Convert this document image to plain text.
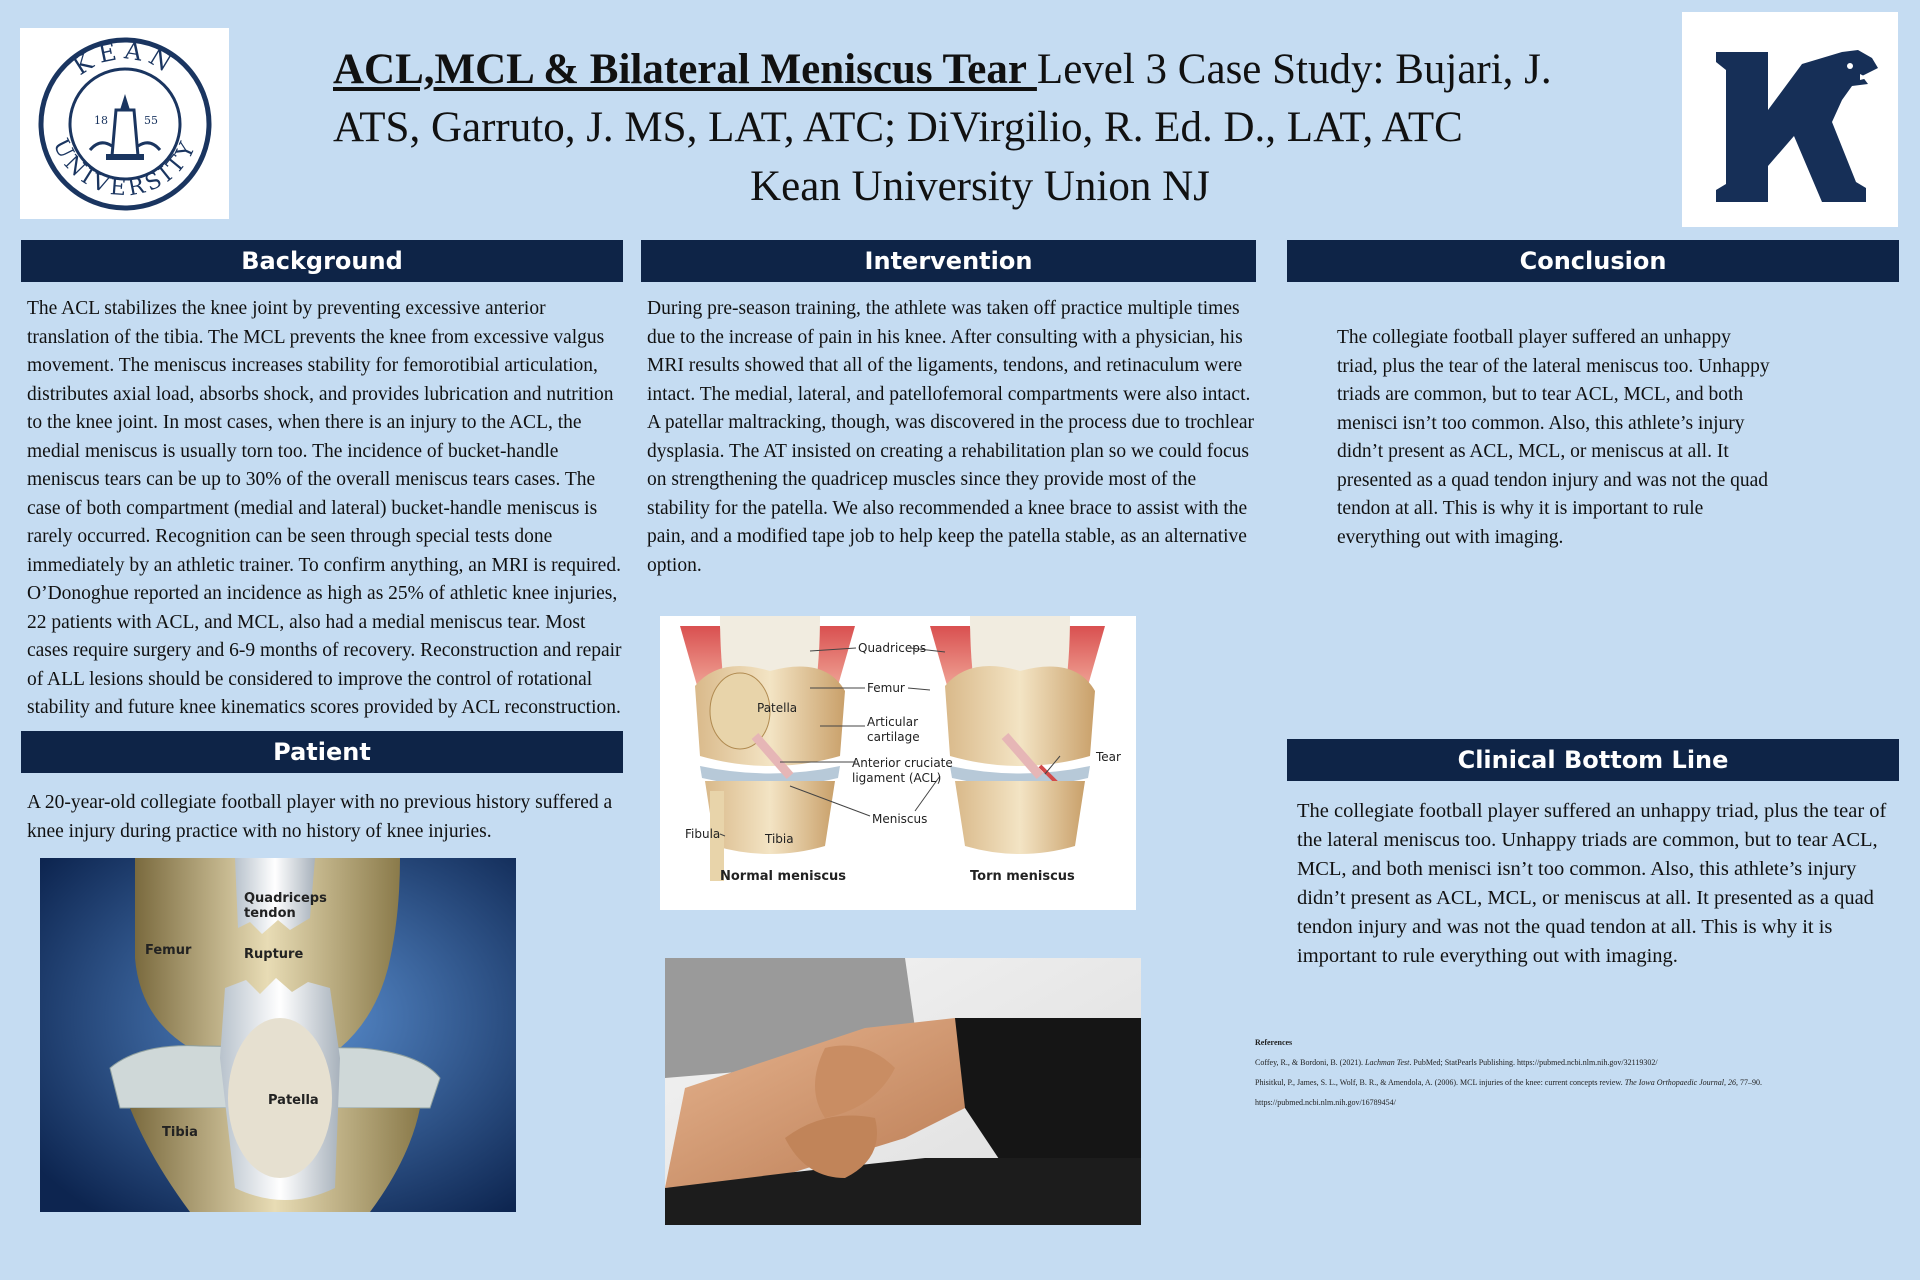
KEAN
UNIVERSITY
18	55
ACL,MCL & Bilateral Meniscus Tear Level 3 Case Study: Bujari, J.
ATS, Garruto, J. MS, LAT, ATC; DiVirgilio, R. Ed. D., LAT, ATC
Kean University Union NJ
Background

The ACL stabilizes the knee joint by preventing excessive anterior translation of the tibia. The MCL prevents the knee from excessive valgus movement. The meniscus increases stability for femorotibial articulation, distributes axial load, absorbs shock, and provides lubrication and nutrition to the knee joint. In most cases, when there is an injury to the ACL, the medial meniscus is usually torn too. The incidence of bucket-handle meniscus tears can be up to 30% of the overall meniscus tears cases. The case of both compartment (medial and lateral) bucket-handle meniscus is rarely occurred. Recognition can be seen through special tests done immediately by an athletic trainer. To confirm anything, an MRI is required. O’Donoghue reported an incidence as high as 25% of athletic knee injuries, 22 patients with ACL, and MCL, also had a medial meniscus tear. Most cases require surgery and 6-9 months of recovery. Reconstruction and repair of ALL lesions should be considered to improve the control of rotational stability and future knee kinematics scores provided by ACL reconstruction.

Patient

A 20-year-old collegiate football player with no previous history suffered a knee injury during practice with no history of knee injuries.

Quadriceps
tendon
Femur	Rupture
Patella
Tibia
Intervention

During pre-season training, the athlete was taken off practice multiple times due to the increase of pain in his knee. After consulting with a physician, his MRI results showed that all of the ligaments, tendons, and retinaculum were intact. The medial, lateral, and patellofemoral compartments were also intact. A patellar maltracking, though, was discovered in the process due to trochlear dysplasia. The AT insisted on creating a rehabilitation plan so we could focus on strengthening the quadricep muscles since they provide most of the stability for the patella. We also recommended a knee brace to assist with the pain, and a modified tape job to help keep the patella stable, as an alternative option.

Quadriceps
Femur
Articular
cartilage
Anterior cruciate
ligament (ACL)
Meniscus
Patella
Fibula	Tibia
Tear
Normal meniscus	Torn meniscus
Conclusion

The collegiate football player suffered an unhappy triad, plus the tear of the lateral meniscus too. Unhappy triads are common, but to tear ACL, MCL, and both menisci isn’t too common. Also, this athlete’s injury didn’t present as ACL, MCL, or meniscus at all. It presented as a quad tendon injury and was not the quad tendon at all. This is why it is important to rule everything out with imaging.

Clinical Bottom Line

The collegiate football player suffered an unhappy triad, plus the tear of the lateral meniscus too. Unhappy triads are common, but to tear ACL, MCL, and both menisci isn’t too common. Also, this athlete’s injury didn’t present as ACL, MCL, or meniscus at all. It presented as a quad tendon injury and was not the quad tendon at all. This is why it is important to rule everything out with imaging.

References

Coffey, R., & Bordoni, B. (2021). Lachman Test. PubMed; StatPearls Publishing. https://pubmed.ncbi.nlm.nih.gov/32119302/

Phisitkul, P., James, S. L., Wolf, B. R., & Amendola, A. (2006). MCL injuries of the knee: current concepts review. The Iowa Orthopaedic Journal, 26, 77–90.

https://pubmed.ncbi.nlm.nih.gov/16789454/
